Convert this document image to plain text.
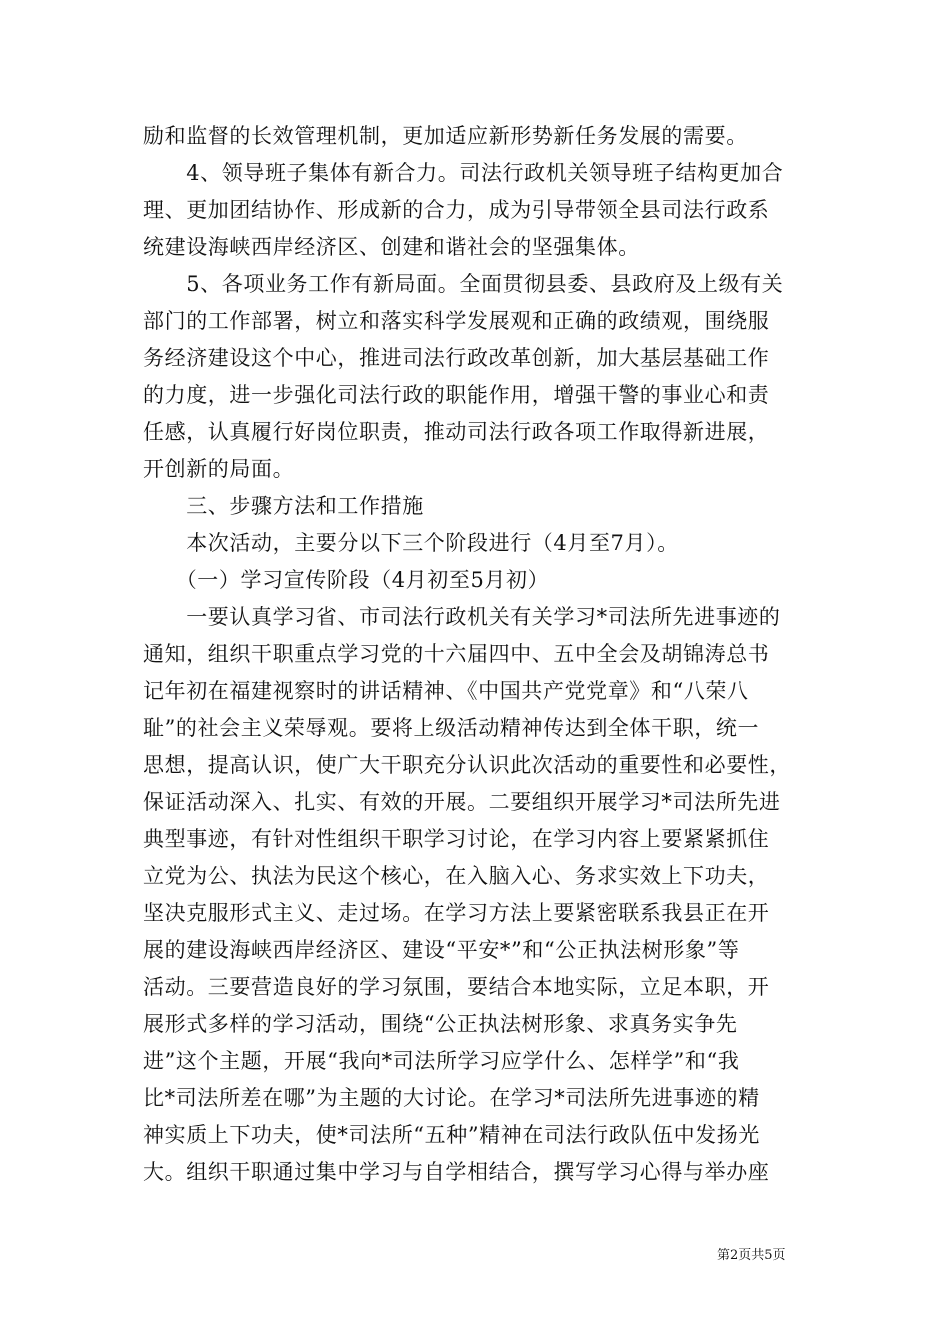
励和监督的长效管理机制，更加适应新形势新任务发展的需要。
　　4、领导班子集体有新合力。司法行政机关领导班子结构更加合
理、更加团结协作、形成新的合力，成为引导带领全县司法行政系
统建设海峡西岸经济区、创建和谐社会的坚强集体。
　　5、各项业务工作有新局面。全面贯彻县委、县政府及上级有关
部门的工作部署，树立和落实科学发展观和正确的政绩观，围绕服
务经济建设这个中心，推进司法行政改革创新，加大基层基础工作
的力度，进一步强化司法行政的职能作用，增强干警的事业心和责
任感，认真履行好岗位职责，推动司法行政各项工作取得新进展，
开创新的局面。
　　三、步骤方法和工作措施
　　本次活动，主要分以下三个阶段进行（4月至7月）。
　　（一）学习宣传阶段（4月初至5月初）
　　一要认真学习省、市司法行政机关有关学习*司法所先进事迹的
通知，组织干职重点学习党的十六届四中、五中全会及胡锦涛总书
记年初在福建视察时的讲话精神、《中国共产党党章》和“八荣八
耻”的社会主义荣辱观。要将上级活动精神传达到全体干职，统一
思想，提高认识，使广大干职充分认识此次活动的重要性和必要性，
保证活动深入、扎实、有效的开展。二要组织开展学习*司法所先进
典型事迹，有针对性组织干职学习讨论，在学习内容上要紧紧抓住
立党为公、执法为民这个核心，在入脑入心、务求实效上下功夫，
坚决克服形式主义、走过场。在学习方法上要紧密联系我县正在开
展的建设海峡西岸经济区、建设“平安*”和“公正执法树形象”等
活动。三要营造良好的学习氛围，要结合本地实际，立足本职，开
展形式多样的学习活动，围绕“公正执法树形象、求真务实争先
进”这个主题，开展“我向*司法所学习应学什么、怎样学”和“我
比*司法所差在哪”为主题的大讨论。在学习*司法所先进事迹的精
神实质上下功夫，使*司法所“五种”精神在司法行政队伍中发扬光
大。组织干职通过集中学习与自学相结合，撰写学习心得与举办座
第2页共5页
